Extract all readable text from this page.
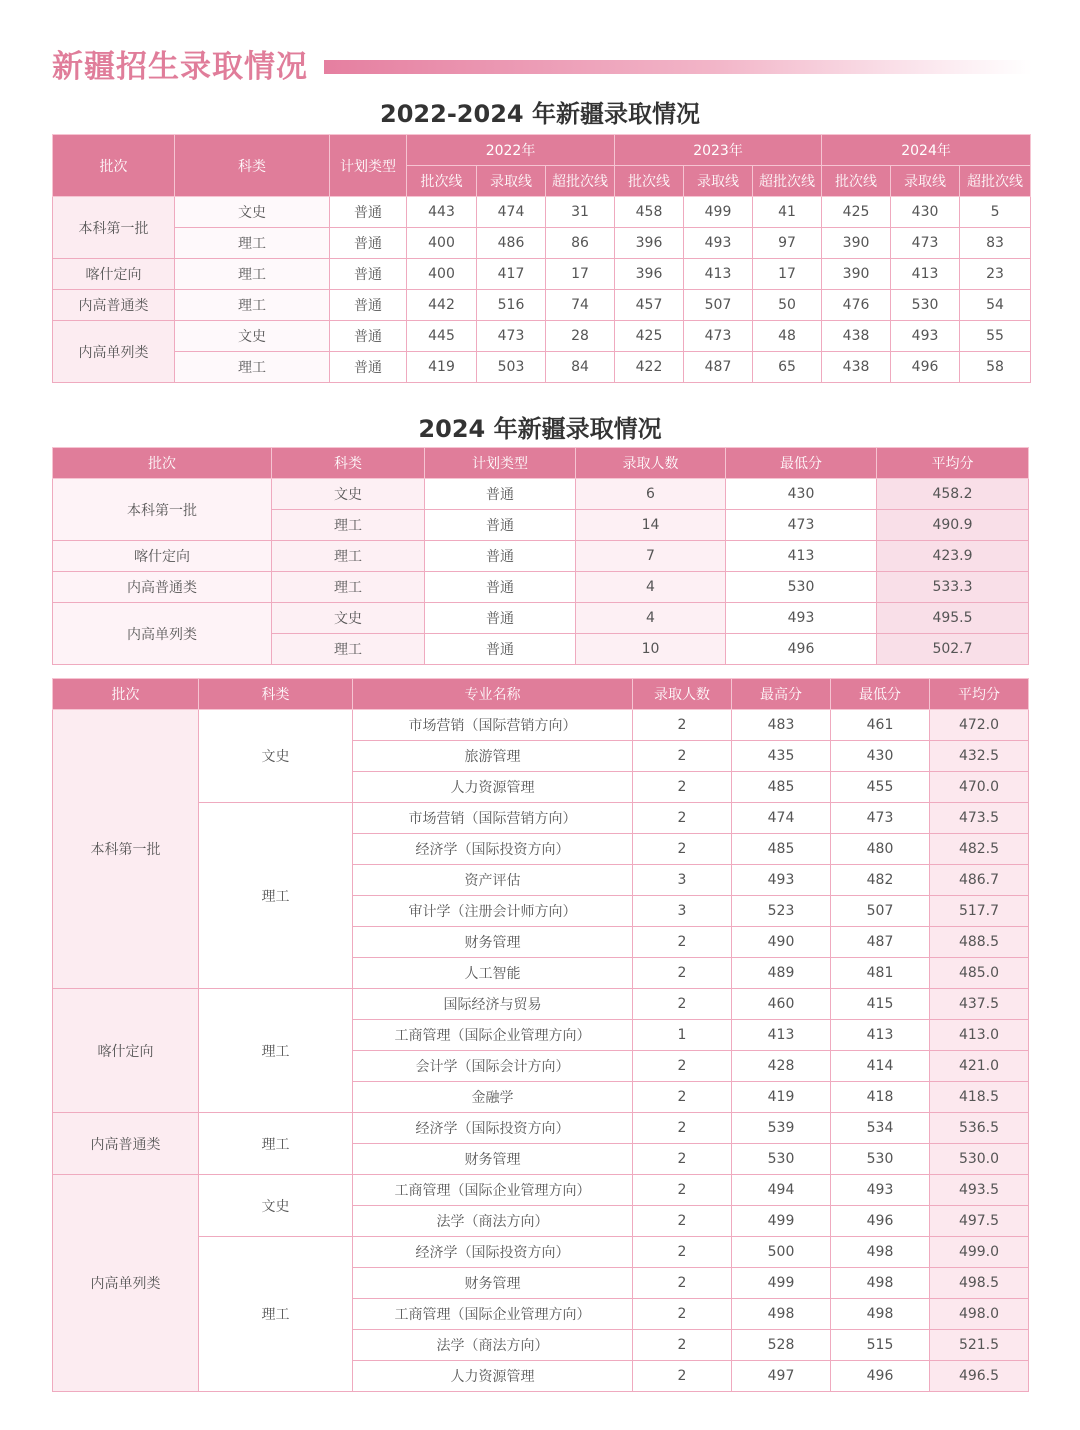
新疆招生录取情况
2022-2024 年新疆录取情况
批次	科类	计划类型	2022年			2023年			2024年		
			批次线	录取线	超批次线	批次线	录取线	超批次线	批次线	录取线	超批次线
本科第一批	文史	普通	443	474	31	458	499	41	425	430	5
	理工	普通	400	486	86	396	493	97	390	473	83
喀什定向	理工	普通	400	417	17	396	413	17	390	413	23
内高普通类	理工	普通	442	516	74	457	507	50	476	530	54
内高单列类	文史	普通	445	473	28	425	473	48	438	493	55
	理工	普通	419	503	84	422	487	65	438	496	58
2024 年新疆录取情况
批次	科类	计划类型	录取人数	最低分	平均分
本科第一批	文史	普通	6	430	458.2
	理工	普通	14	473	490.9
喀什定向	理工	普通	7	413	423.9
内高普通类	理工	普通	4	530	533.3
内高单列类	文史	普通	4	493	495.5
	理工	普通	10	496	502.7
批次	科类	专业名称	录取人数	最高分	最低分	平均分
本科第一批	文史	市场营销（国际营销方向）	2	483	461	472.0
		旅游管理	2	435	430	432.5
		人力资源管理	2	485	455	470.0
	理工	市场营销（国际营销方向）	2	474	473	473.5
		经济学（国际投资方向）	2	485	480	482.5
		资产评估	3	493	482	486.7
		审计学（注册会计师方向）	3	523	507	517.7
		财务管理	2	490	487	488.5
		人工智能	2	489	481	485.0
喀什定向	理工	国际经济与贸易	2	460	415	437.5
		工商管理（国际企业管理方向）	1	413	413	413.0
		会计学（国际会计方向）	2	428	414	421.0
		金融学	2	419	418	418.5
内高普通类	理工	经济学（国际投资方向）	2	539	534	536.5
		财务管理	2	530	530	530.0
内高单列类	文史	工商管理（国际企业管理方向）	2	494	493	493.5
		法学（商法方向）	2	499	496	497.5
	理工	经济学（国际投资方向）	2	500	498	499.0
		财务管理	2	499	498	498.5
		工商管理（国际企业管理方向）	2	498	498	498.0
		法学（商法方向）	2	528	515	521.5
		人力资源管理	2	497	496	496.5
